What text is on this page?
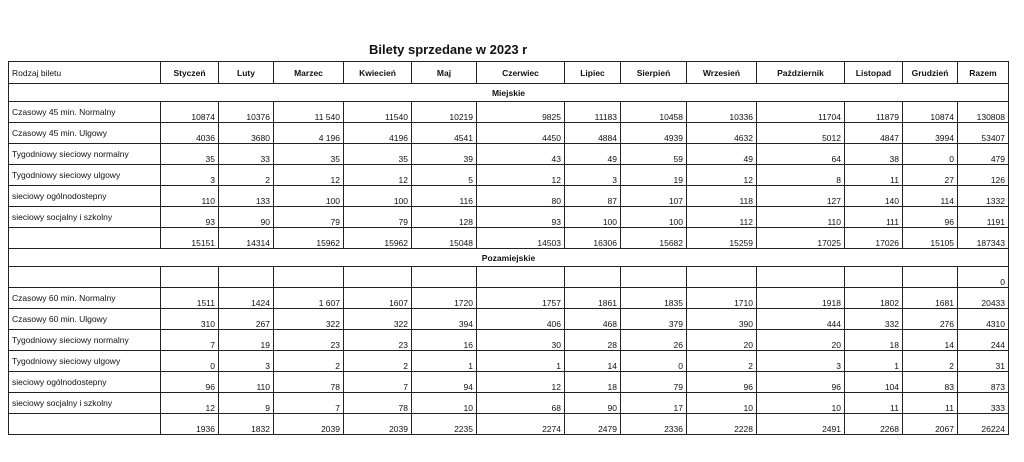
Bilety sprzedane w 2023 r
Rodzaj biletu	Styczeń	Luty	Marzec	Kwiecień	Maj	Czerwiec	Lipiec	Sierpień	Wrzesień	Październik	Listopad	Grudzień	Razem
Miejskie													
Czasowy 45 min. Normalny	10874	10376	11 540	11540	10219	9825	11183	10458	10336	11704	11879	10874	130808
Czasowy 45 min. Ulgowy	4036	3680	4 196	4196	4541	4450	4884	4939	4632	5012	4847	3994	53407
Tygodniowy sieciowy normalny	35	33	35	35	39	43	49	59	49	64	38	0	479
Tygodniowy sieciowy ulgowy	3	2	12	12	5	12	3	19	12	8	11	27	126
sieciowy ogólnodostepny	110	133	100	100	116	80	87	107	118	127	140	114	1332
sieciowy socjalny i szkolny	93	90	79	79	128	93	100	100	112	110	111	96	1191
	15151	14314	15962	15962	15048	14503	16306	15682	15259	17025	17026	15105	187343
Pozamiejskie													
													0
Czasowy 60 min. Normalny	1511	1424	1 607	1607	1720	1757	1861	1835	1710	1918	1802	1681	20433
Czasowy 60 min. Ulgowy	310	267	322	322	394	406	468	379	390	444	332	276	4310
Tygodniowy sieciowy normalny	7	19	23	23	16	30	28	26	20	20	18	14	244
Tygodniowy sieciowy ulgowy	0	3	2	2	1	1	14	0	2	3	1	2	31
sieciowy ogólnodostepny	96	110	78	7	94	12	18	79	96	96	104	83	873
sieciowy socjalny i szkolny	12	9	7	78	10	68	90	17	10	10	11	11	333
	1936	1832	2039	2039	2235	2274	2479	2336	2228	2491	2268	2067	26224
